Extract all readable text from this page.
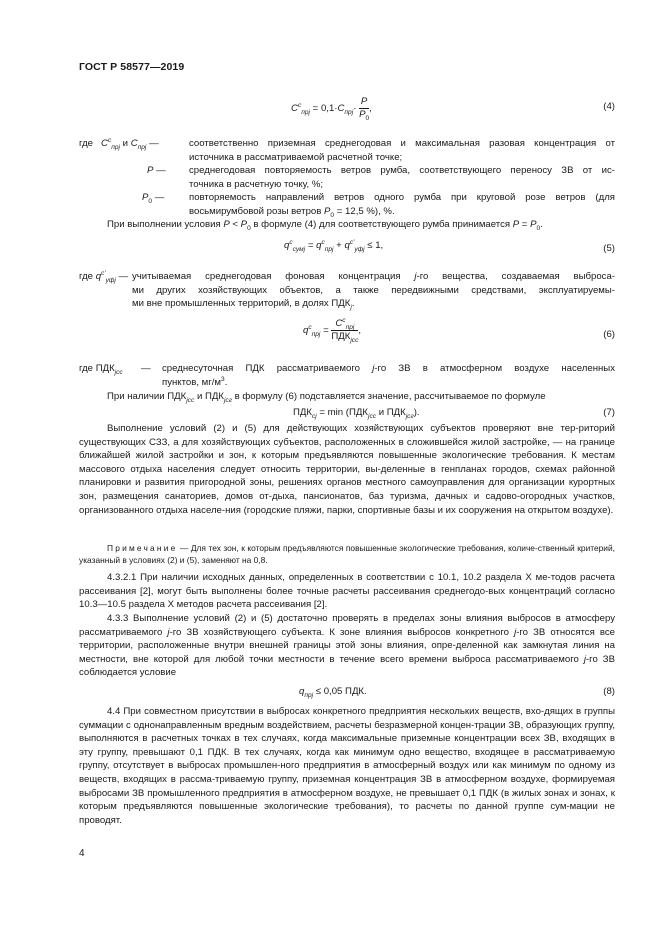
ГОСТ Р 58577—2019
$C^c_{прj} = 0,1\cdot C_{прj}\cdot \frac{P}{P_0}$ ,	(4)
где $C^c_{прj}$ и $C_{прj}$ —	соответственно приземная среднегодовая и максимальная разовая концентрация от
источника в рассматриваемой расчетной точке;
P — среднегодовая повторяемость ветров румба, соответствующего переносу ЗВ от ис-
точника в расчетную точку, %;
$P_0$ —	повторяемость направлений ветров одного румба при круговой розе ветров (для
восьмирумбовой розы ветров $P_0 = 12,5$ %), %.
При выполнении условия $P < P_0$ в формуле (4) для соответствующего румба принимается $P = P_0$.
$q^c_{сумj} = q^c_{прj} + q^{c'}_{уфj} \le 1$,	(5)
где $q^{c'}_{уфj}$ — учитываемая среднегодовая фоновая концентрация j-го вещества, создаваемая выброса-
ми других хозяйствующих объектов, а также передвижными средствами, эксплуатируемы-
ми вне промышленных территорий, в долях $ПДК_j$.
$q^c_{прj} = \frac{C^c_{прj}}{ПДК_{jсс}}$ ,	(6)
где $ПДК_{jсс}$ — среднесуточная ПДК рассматриваемого j-го ЗВ в атмосферном воздухе населенных
пунктов, $мг/м^3$.
При наличии $ПДК_{jсс}$ и $ПДК_{jсг}$ в формулу (6) подставляется значение, рассчитываемое по формуле
$ПДК_{cj} = \min (ПДК_{jсс}$ и $ПДК_{jсг}$).	(7)
Выполнение условий (2) и (5) для действующих хозяйствующих субъектов проверяют вне тер-риторий существующих СЗЗ, а для хозяйствующих субъектов, расположенных в сложившейся жилой застройке, — на границе ближайшей жилой застройки и зон, к которым предъявляются повышенные экологические требования. К местам массового отдыха населения следует относить территории, вы-деленные в генпланах городов, схемах районной планировки и развития пригородной зоны, решениях органов местного самоуправления для организации курортных зон, размещения санаториев, домов от-дыха, пансионатов, баз туризма, дачных и садово-огородных участков, организованного отдыха населе-ния (городские пляжи, парки, спортивные базы и их сооружения на открытом воздухе).
Примечание — Для тех зон, к которым предъявляются повышенные экологические требования, количе-ственный критерий, указанный в условиях (2) и (5), заменяют на 0,8.
4.3.2.1 При наличии исходных данных, определенных в соответствии с 10.1, 10.2 раздела Х ме-тодов расчета рассеивания [2], могут быть выполнены более точные расчеты рассеивания среднегодо-вых концентраций согласно 10.3—10.5 раздела Х методов расчета рассеивания [2].
4.3.3 Выполнение условий (2) и (5) достаточно проверять в пределах зоны влияния выбросов в атмосферу рассматриваемого j-го ЗВ хозяйствующего субъекта. К зоне влияния выбросов конкретного j-го ЗВ относятся все территории, расположенные внутри внешней границы этой зоны влияния, опре-деленной как замкнутая линия на местности, вне которой для любой точки местности в течение всего времени выброса рассматриваемого j-го ЗВ соблюдается условие
$q_{прj} \le 0,05$ ПДК.	(8)
4.4 При совместном присутствии в выбросах конкретного предприятия нескольких веществ, вхо-дящих в группы суммации с однонаправленным вредным воздействием, расчеты безразмерной концен-трации ЗВ, образующих группу, выполняются в расчетных точках в тех случаях, когда максимальные приземные концентрации всех ЗВ, входящих в эту группу, превышают 0,1 ПДК. В тех случаях, когда как минимум одно вещество, входящее в рассматриваемую группу, отсутствует в выбросах промышлен-ного предприятия в атмосферный воздух или как минимум по одному из веществ, входящих в рассма-триваемую группу, приземная концентрация ЗВ в атмосферном воздухе, формируемая выбросами ЗВ промышленного предприятия в атмосферном воздухе, не превышает 0,1 ПДК (в жилых зонах и зонах, к которым предъявляются повышенные экологические требования), то расчеты по данной группе сум-мации не проводят.
4
